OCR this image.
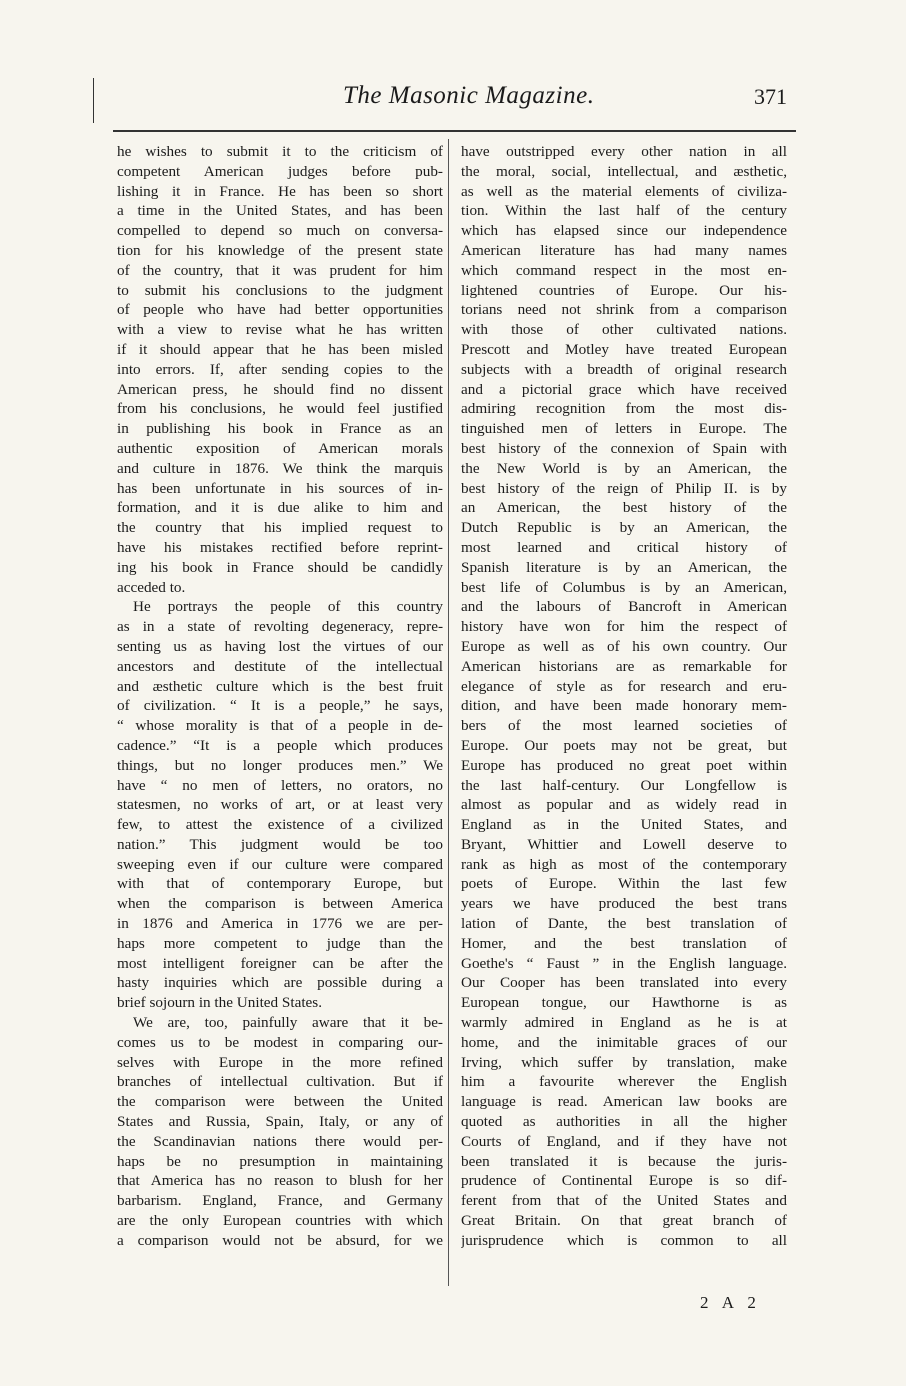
The Masonic Magazine.	371
he wishes to submit it to the criticism of
competent American judges before pub-
lishing it in France. He has been so short
a time in the United States, and has been
compelled to depend so much on conversa-
tion for his knowledge of the present state
of the country, that it was prudent for him
to submit his conclusions to the judgment
of people who have had better opportunities
with a view to revise what he has written
if it should appear that he has been misled
into errors. If, after sending copies to the
American press, he should find no dissent
from his conclusions, he would feel justified
in publishing his book in France as an
authentic exposition of American morals
and culture in 1876. We think the marquis
has been unfortunate in his sources of in-
formation, and it is due alike to him and
the country that his implied request to
have his mistakes rectified before reprint-
ing his book in France should be candidly
acceded to.
He portrays the people of this country
as in a state of revolting degeneracy, repre-
senting us as having lost the virtues of our
ancestors and destitute of the intellectual
and æsthetic culture which is the best fruit
of civilization. “ It is a people,” he says,
“ whose morality is that of a people in de-
cadence.” “It is a people which produces
things, but no longer produces men.” We
have “ no men of letters, no orators, no
statesmen, no works of art, or at least very
few, to attest the existence of a civilized
nation.” This judgment would be too
sweeping even if our culture were compared
with that of contemporary Europe, but
when the comparison is between America
in 1876 and America in 1776 we are per-
haps more competent to judge than the
most intelligent foreigner can be after the
hasty inquiries which are possible during a
brief sojourn in the United States.
We are, too, painfully aware that it be-
comes us to be modest in comparing our-
selves with Europe in the more refined
branches of intellectual cultivation. But if
the comparison were between the United
States and Russia, Spain, Italy, or any of
the Scandinavian nations there would per-
haps be no presumption in maintaining
that America has no reason to blush for her
barbarism. England, France, and Germany
are the only European countries with which
a comparison would not be absurd, for we
have outstripped every other nation in all
the moral, social, intellectual, and æsthetic,
as well as the material elements of civiliza-
tion. Within the last half of the century
which has elapsed since our independence
American literature has had many names
which command respect in the most en-
lightened countries of Europe. Our his-
torians need not shrink from a comparison
with those of other cultivated nations.
Prescott and Motley have treated European
subjects with a breadth of original research
and a pictorial grace which have received
admiring recognition from the most dis-
tinguished men of letters in Europe. The
best history of the connexion of Spain with
the New World is by an American, the
best history of the reign of Philip II. is by
an American, the best history of the
Dutch Republic is by an American, the
most learned and critical history of
Spanish literature is by an American, the
best life of Columbus is by an American,
and the labours of Bancroft in American
history have won for him the respect of
Europe as well as of his own country. Our
American historians are as remarkable for
elegance of style as for research and eru-
dition, and have been made honorary mem-
bers of the most learned societies of
Europe. Our poets may not be great, but
Europe has produced no great poet within
the last half-century. Our Longfellow is
almost as popular and as widely read in
England as in the United States, and
Bryant, Whittier and Lowell deserve to
rank as high as most of the contemporary
poets of Europe. Within the last few
years we have produced the best trans
lation of Dante, the best translation of
Homer, and the best translation of
Goethe's “ Faust ” in the English language.
Our Cooper has been translated into every
European tongue, our Hawthorne is as
warmly admired in England as he is at
home, and the inimitable graces of our
Irving, which suffer by translation, make
him a favourite wherever the English
language is read. American law books are
quoted as authorities in all the higher
Courts of England, and if they have not
been translated it is because the juris-
prudence of Continental Europe is so dif-
ferent from that of the United States and
Great Britain. On that great branch of
jurisprudence which is common to all
2 A 2
